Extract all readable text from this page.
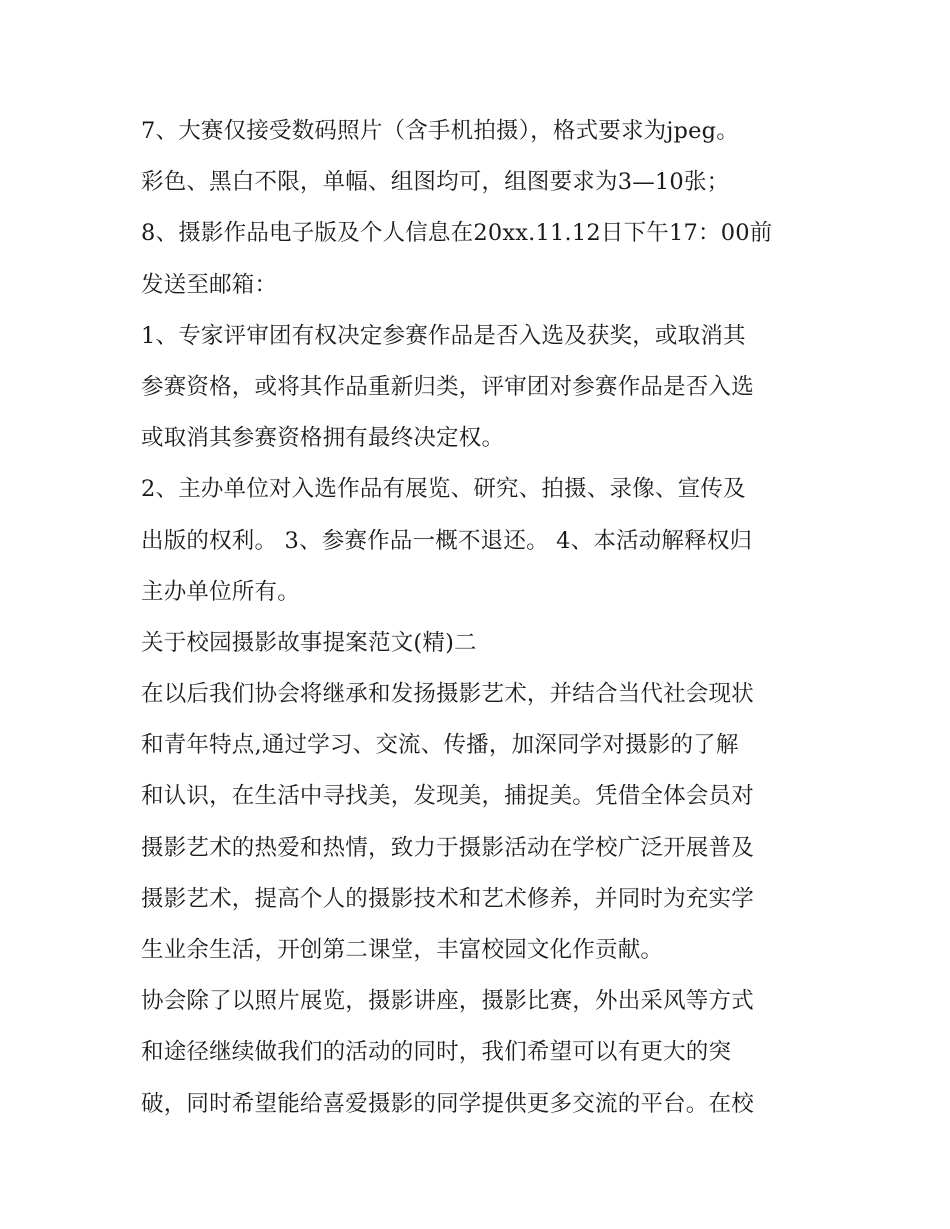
7、大赛仅接受数码照片（含手机拍摄），格式要求为jpeg。
彩色、黑白不限，单幅、组图均可，组图要求为3—10张；
8、摄影作品电子版及个人信息在20xx.11.12日下午17：00前
发送至邮箱：
1、专家评审团有权决定参赛作品是否入选及获奖，或取消其
参赛资格，或将其作品重新归类，评审团对参赛作品是否入选
或取消其参赛资格拥有最终决定权。
2、主办单位对入选作品有展览、研究、拍摄、录像、宣传及
出版的权利。 3、参赛作品一概不退还。 4、本活动解释权归
主办单位所有。
关于校园摄影故事提案范文(精)二
在以后我们协会将继承和发扬摄影艺术，并结合当代社会现状
和青年特点,通过学习、交流、传播，加深同学对摄影的了解
和认识，在生活中寻找美，发现美，捕捉美。凭借全体会员对
摄影艺术的热爱和热情，致力于摄影活动在学校广泛开展普及
摄影艺术，提高个人的摄影技术和艺术修养，并同时为充实学
生业余生活，开创第二课堂，丰富校园文化作贡献。
协会除了以照片展览，摄影讲座，摄影比赛，外出采风等方式
和途径继续做我们的活动的同时，我们希望可以有更大的突
破，同时希望能给喜爱摄影的同学提供更多交流的平台。在校
